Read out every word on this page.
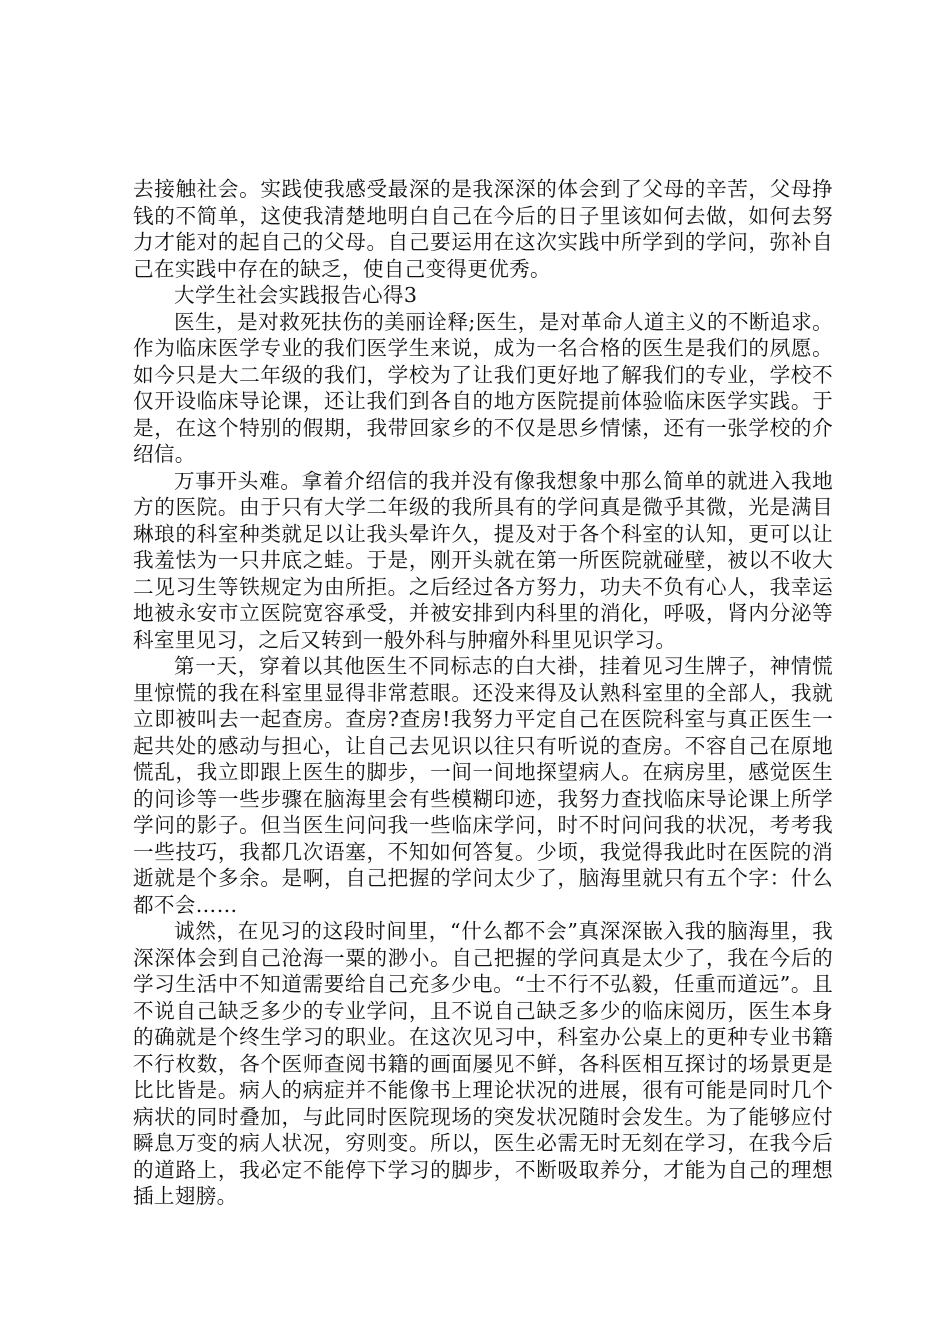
去接触社会。实践使我感受最深的是我深深的体会到了父母的辛苦，父母挣钱的不简单，这使我清楚地明白自己在今后的日子里该如何去做，如何去努力才能对的起自己的父母。自己要运用在这次实践中所学到的学问，弥补自己在实践中存在的缺乏，使自己变得更优秀。

大学生社会实践报告心得3

医生，是对救死扶伤的美丽诠释;医生，是对革命人道主义的不断追求。作为临床医学专业的我们医学生来说，成为一名合格的医生是我们的夙愿。如今只是大二年级的我们，学校为了让我们更好地了解我们的专业，学校不仅开设临床导论课，还让我们到各自的地方医院提前体验临床医学实践。于是，在这个特别的假期，我带回家乡的不仅是思乡情愫，还有一张学校的介绍信。

万事开头难。拿着介绍信的我并没有像我想象中那么简单的就进入我地方的医院。由于只有大学二年级的我所具有的学问真是微乎其微，光是满目琳琅的科室种类就足以让我头晕许久，提及对于各个科室的认知，更可以让我羞怯为一只井底之蛙。于是，刚开头就在第一所医院就碰壁，被以不收大二见习生等铁规定为由所拒。之后经过各方努力，功夫不负有心人，我幸运地被永安市立医院宽容承受，并被安排到内科里的消化，呼吸，肾内分泌等科室里见习，之后又转到一般外科与肿瘤外科里见识学习。

第一天，穿着以其他医生不同标志的白大褂，挂着见习生牌子，神情慌里惊慌的我在科室里显得非常惹眼。还没来得及认熟科室里的全部人，我就立即被叫去一起查房。查房?查房!我努力平定自己在医院科室与真正医生一起共处的感动与担心，让自己去见识以往只有听说的查房。不容自己在原地慌乱，我立即跟上医生的脚步，一间一间地探望病人。在病房里，感觉医生的问诊等一些步骤在脑海里会有些模糊印迹，我努力查找临床导论课上所学学问的影子。但当医生问问我一些临床学问，时不时问问我的状况，考考我一些技巧，我都几次语塞，不知如何答复。少顷，我觉得我此时在医院的消逝就是个多余。是啊，自己把握的学问太少了，脑海里就只有五个字：什么都不会……

诚然，在见习的这段时间里，“什么都不会”真深深嵌入我的脑海里，我深深体会到自己沧海一粟的渺小。自己把握的学问真是太少了，我在今后的学习生活中不知道需要给自己充多少电。“士不行不弘毅，任重而道远”。且不说自己缺乏多少的专业学问，且不说自己缺乏多少的临床阅历，医生本身的确就是个终生学习的职业。在这次见习中，科室办公桌上的更种专业书籍不行枚数，各个医师查阅书籍的画面屡见不鲜，各科医相互探讨的场景更是比比皆是。病人的病症并不能像书上理论状况的进展，很有可能是同时几个病状的同时叠加，与此同时医院现场的突发状况随时会发生。为了能够应付瞬息万变的病人状况，穷则变。所以，医生必需无时无刻在学习，在我今后的道路上，我必定不能停下学习的脚步，不断吸取养分，才能为自己的理想插上翅膀。
